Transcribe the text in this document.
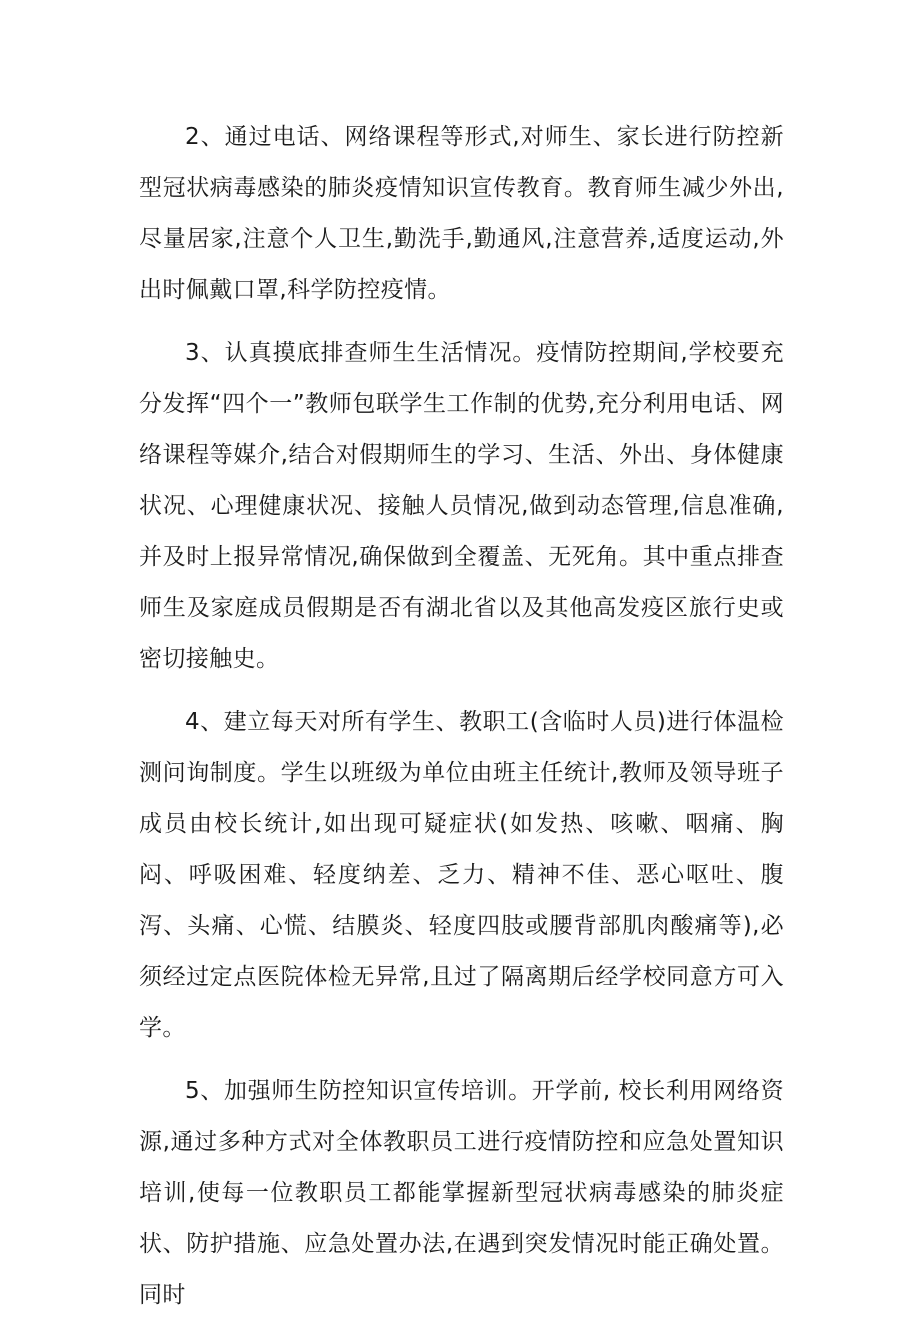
2、通过电话、网络课程等形式,对师生、家长进行防控新型冠状病毒感染的肺炎疫情知识宣传教育。教育师生减少外出,尽量居家,注意个人卫生,勤洗手,勤通风,注意营养,适度运动,外出时佩戴口罩,科学防控疫情。

3、认真摸底排查师生生活情况。疫情防控期间,学校要充分发挥“四个一”教师包联学生工作制的优势,充分利用电话、网络课程等媒介,结合对假期师生的学习、生活、外出、身体健康状况、心理健康状况、接触人员情况,做到动态管理,信息准确,并及时上报异常情况,确保做到全覆盖、无死角。其中重点排查师生及家庭成员假期是否有湖北省以及其他高发疫区旅行史或密切接触史。

4、建立每天对所有学生、教职工(含临时人员)进行体温检测问询制度。学生以班级为单位由班主任统计,教师及领导班子成员由校长统计,如出现可疑症状(如发热、咳嗽、咽痛、胸闷、呼吸困难、轻度纳差、乏力、精神不佳、恶心呕吐、腹泻、头痛、心慌、结膜炎、轻度四肢或腰背部肌肉酸痛等),必须经过定点医院体检无异常,且过了隔离期后经学校同意方可入学。

5、加强师生防控知识宣传培训。开学前, 校长利用网络资源,通过多种方式对全体教职员工进行疫情防控和应急处置知识培训,使每一位教职员工都能掌握新型冠状病毒感染的肺炎症状、防护措施、应急处置办法,在遇到突发情况时能正确处置。同时
